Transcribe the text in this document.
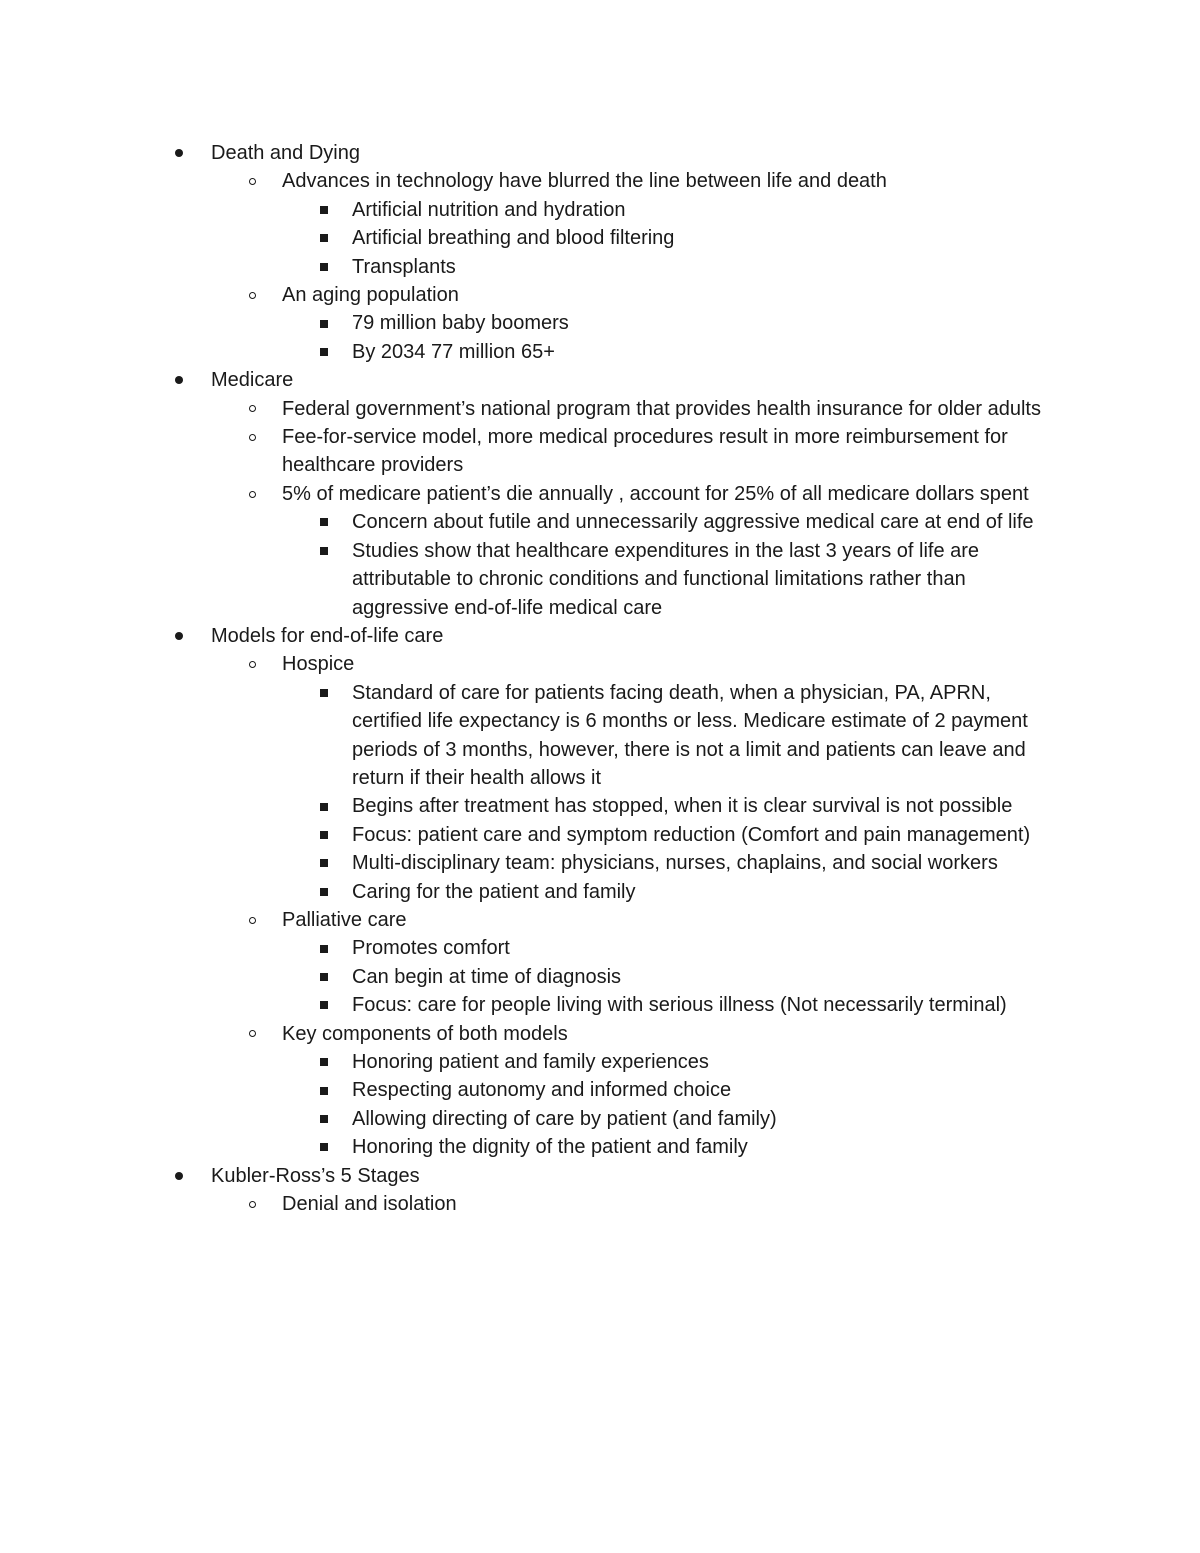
Death and Dying
Advances in technology have blurred the line between life and death
Artificial nutrition and hydration
Artificial breathing and blood filtering
Transplants
An aging population
79 million baby boomers
By 2034 77 million 65+
Medicare
Federal government’s national program that provides health insurance for older adults
Fee-for-service model, more medical procedures result in more reimbursement for healthcare providers
5% of medicare patient’s die annually , account for 25% of all medicare dollars spent
Concern about futile and unnecessarily aggressive medical care at end of life
Studies show that healthcare expenditures in the last 3 years of life are attributable to chronic conditions and functional limitations rather than aggressive end-of-life medical care
Models for end-of-life care
Hospice
Standard of care for patients facing death, when a physician, PA, APRN, certified life expectancy is 6 months or less. Medicare estimate of 2 payment periods of 3 months, however, there is not a limit and patients can leave and return if their health allows it
Begins after treatment has stopped, when it is clear survival is not possible
Focus: patient care and symptom reduction (Comfort and pain management)
Multi-disciplinary team: physicians, nurses, chaplains, and social workers
Caring for the patient and family
Palliative care
Promotes comfort
Can begin at time of diagnosis
Focus: care for people living with serious illness (Not necessarily terminal)
Key components of both models
Honoring patient and family experiences
Respecting autonomy and informed choice
Allowing directing of care by patient (and family)
Honoring the dignity of the patient and family
Kubler-Ross’s 5 Stages
Denial and isolation
